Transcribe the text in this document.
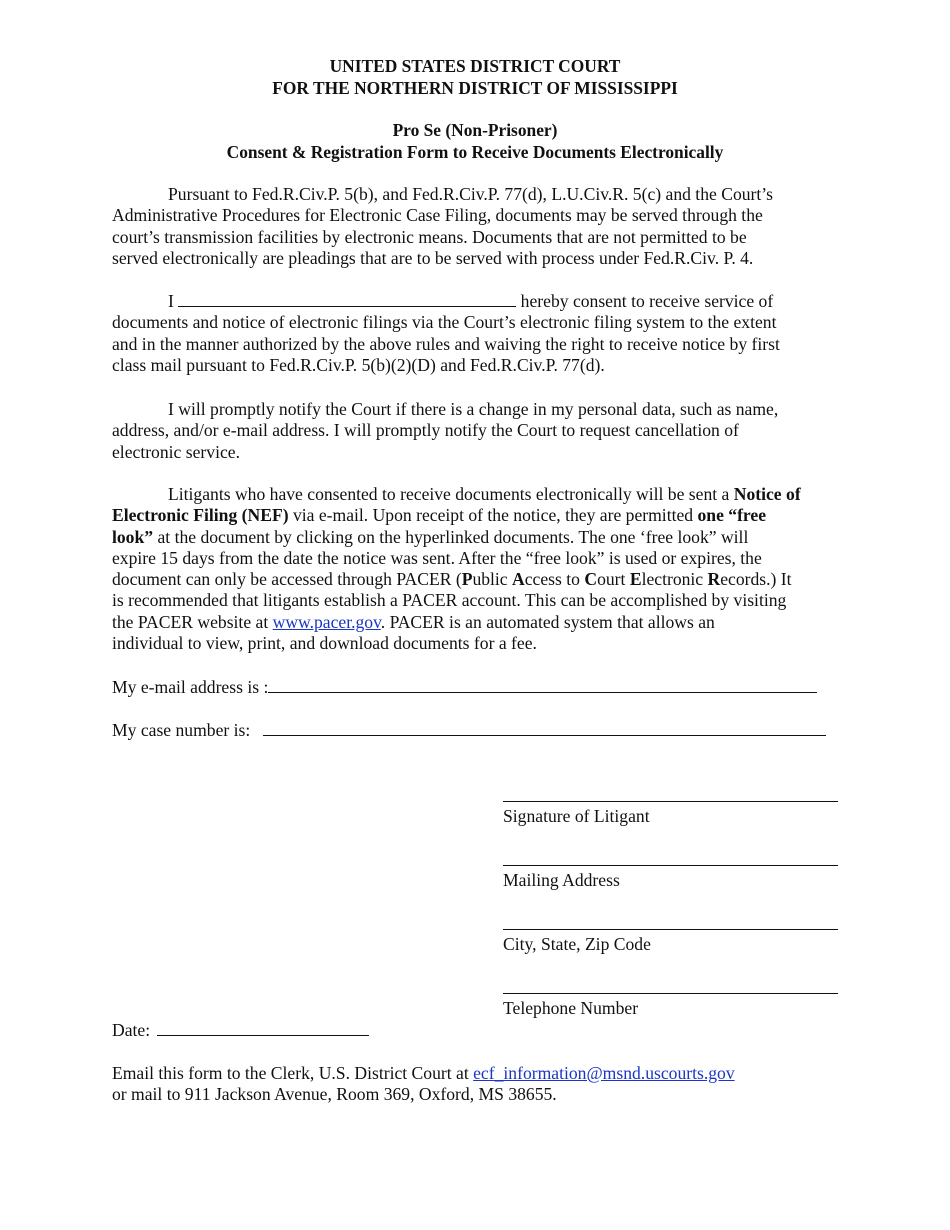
UNITED STATES DISTRICT COURT
FOR THE NORTHERN DISTRICT OF MISSISSIPPI
Pro Se (Non-Prisoner)
Consent & Registration Form to Receive Documents Electronically
Pursuant to Fed.R.Civ.P. 5(b), and Fed.R.Civ.P. 77(d), L.U.Civ.R. 5(c) and the Court’s
Administrative Procedures for Electronic Case Filing, documents may be served through the
court’s transmission facilities by electronic means. Documents that are not permitted to be
served electronically are pleadings that are to be served with process under Fed.R.Civ. P. 4.
I	hereby consent to receive service of
documents and notice of electronic filings via the Court’s electronic filing system to the extent
and in the manner authorized by the above rules and waiving the right to receive notice by first
class mail pursuant to Fed.R.Civ.P. 5(b)(2)(D) and Fed.R.Civ.P. 77(d).
I will promptly notify the Court if there is a change in my personal data, such as name,
address, and/or e-mail address. I will promptly notify the Court to request cancellation of
electronic service.
Litigants who have consented to receive documents electronically will be sent a Notice of
Electronic Filing (NEF) via e-mail. Upon receipt of the notice, they are permitted one “free
look” at the document by clicking on the hyperlinked documents. The one ‘free look” will
expire 15 days from the date the notice was sent. After the “free look” is used or expires, the
document can only be accessed through PACER (Public Access to Court Electronic Records.) It
is recommended that litigants establish a PACER account. This can be accomplished by visiting
the PACER website at www.pacer.gov. PACER is an automated system that allows an
individual to view, print, and download documents for a fee.
My e-mail address is :
My case number is:
Signature of Litigant
Mailing Address
City, State, Zip Code
Telephone Number
Date:
Email this form to the Clerk, U.S. District Court at ecf_information@msnd.uscourts.gov
or mail to 911 Jackson Avenue, Room 369, Oxford, MS 38655.
